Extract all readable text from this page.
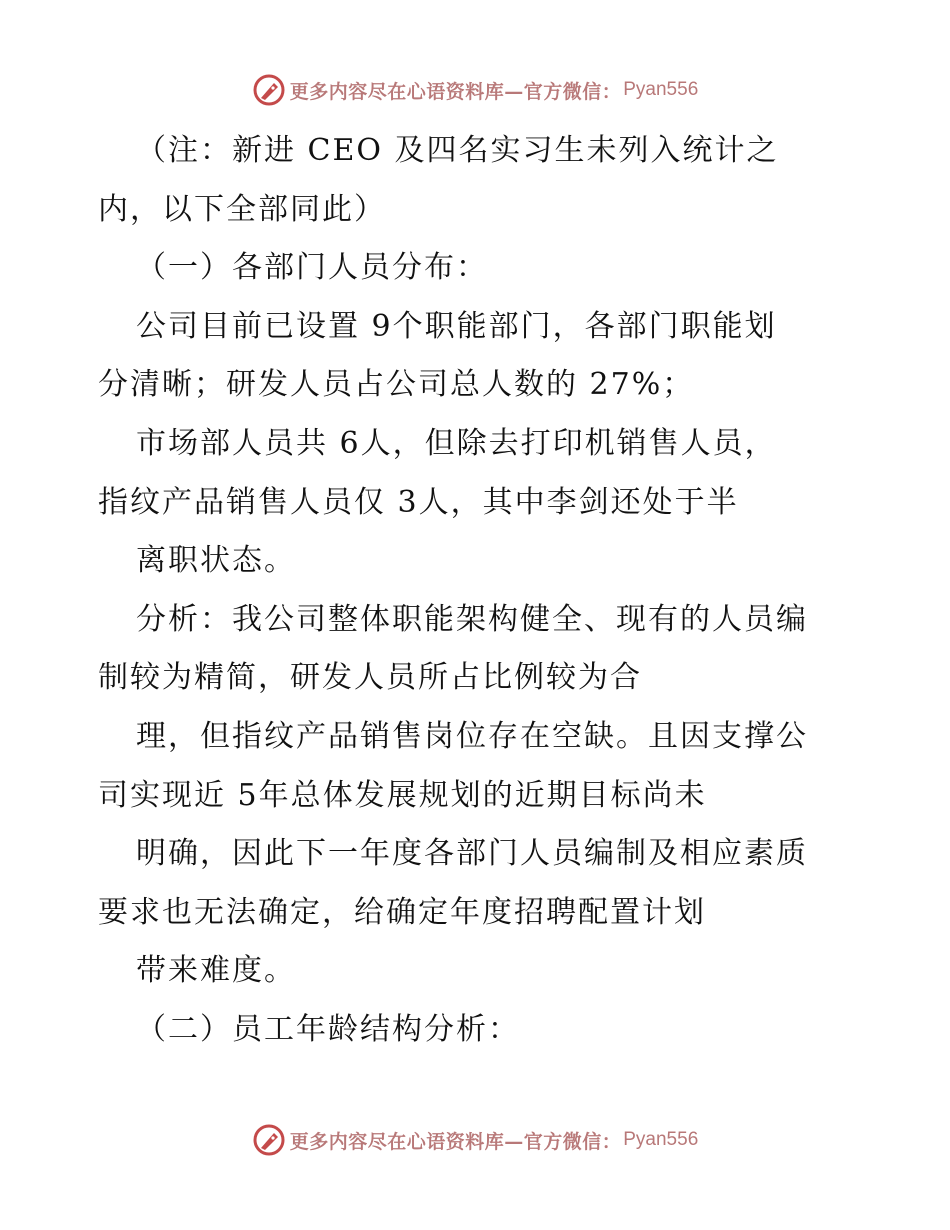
更多内容尽在心语资料库—官方微信： Pyan556
（注：新进 CEO 及四名实习生未列入统计之
内，以下全部同此）
（一）各部门人员分布：
公司目前已设置 9个职能部门，各部门职能划
分清晰；研发人员占公司总人数的 27%；
市场部人员共 6人，但除去打印机销售人员，
指纹产品销售人员仅 3人，其中李剑还处于半
离职状态。
分析：我公司整体职能架构健全、现有的人员编
制较为精简，研发人员所占比例较为合
理，但指纹产品销售岗位存在空缺。且因支撑公
司实现近 5年总体发展规划的近期目标尚未
明确，因此下一年度各部门人员编制及相应素质
要求也无法确定，给确定年度招聘配置计划
带来难度。
（二）员工年龄结构分析：
更多内容尽在心语资料库—官方微信： Pyan556
